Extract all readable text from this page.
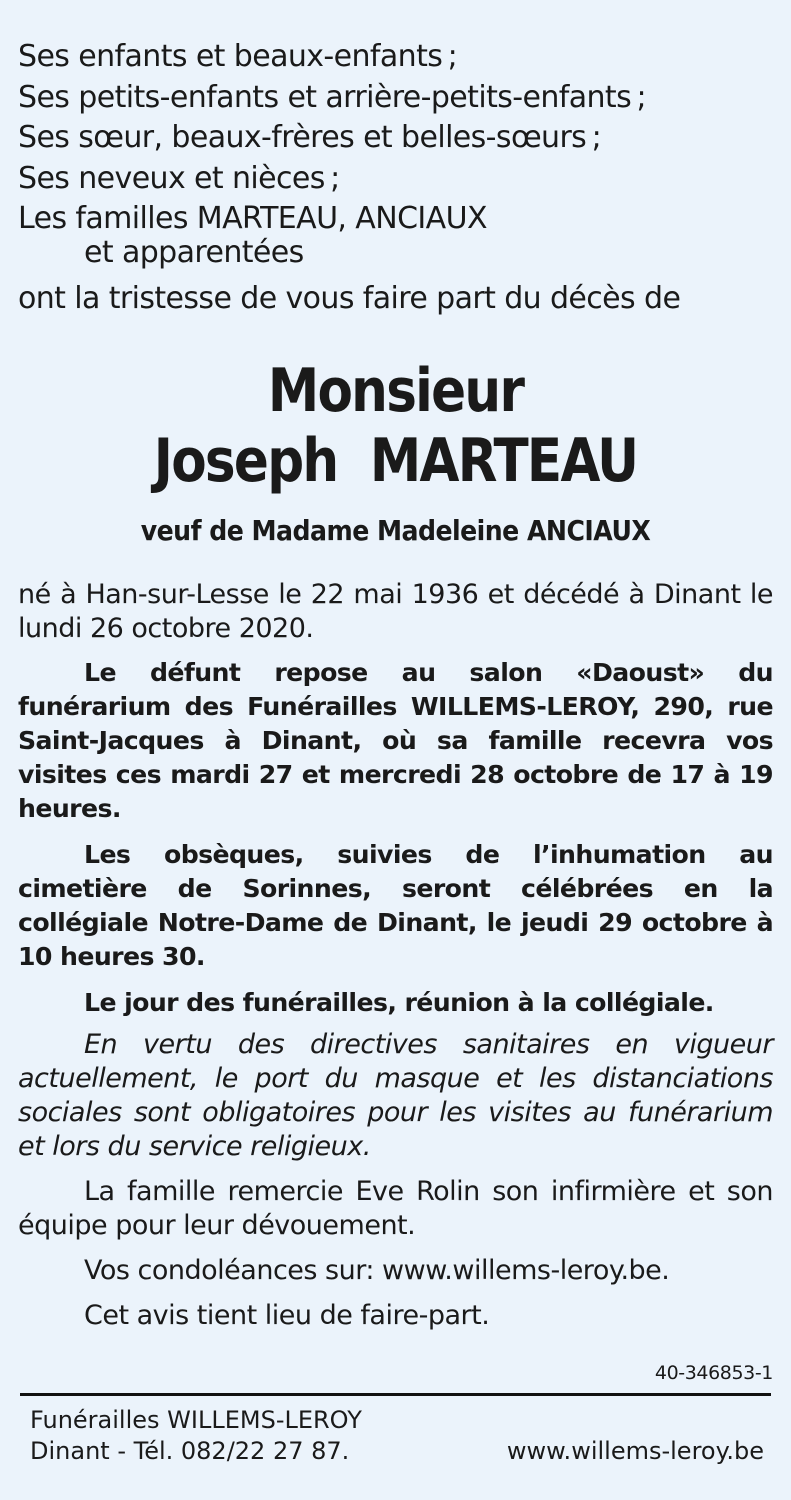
Ses enfants et beaux-enfants ;

Ses petits-enfants et arrière-petits-enfants ;

Ses sœur, beaux-frères et belles-sœurs ;

Ses neveux et nièces ;

Les familles MARTEAU, ANCIAUX

et apparentées

ont la tristesse de vous faire part du décès de

Monsieur
Joseph  MARTEAU
veuf de Madame Madeleine ANCIAUX

né à Han-sur-Lesse le 22 mai 1936 et décédé à Dinant le lundi 26 octobre 2020.

Le défunt repose au salon «Daoust» du funérarium des Funérailles WILLEMS-LEROY, 290, rue Saint-Jacques à Dinant, où sa famille recevra vos visites ces mardi 27 et mercredi 28 octobre de 17 à 19 heures.

Les obsèques, suivies de l’inhumation au cimetière de Sorinnes, seront célébrées en la collégiale Notre-Dame de Dinant, le jeudi 29 octobre à 10 heures 30.

Le jour des funérailles, réunion à la collégiale.

En vertu des directives sanitaires en vigueur actuellement, le port du masque et les distanciations sociales sont obligatoires pour les visites au funérarium et lors du service religieux.

La famille remercie Eve Rolin son infirmière et son équipe pour leur dévouement.

Vos condoléances sur: www.willems-leroy.be.

Cet avis tient lieu de faire-part.

40-346853-1
Funérailles WILLEMS-LEROY
Dinant - Tél. 082/22 27 87.	www.willems-leroy.be
